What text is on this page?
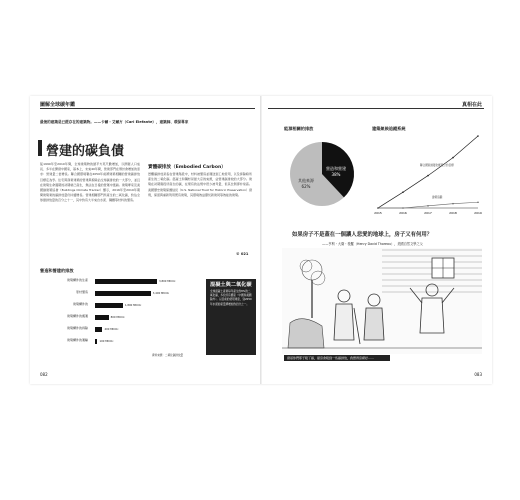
圖解全球碳年鑑
最後的建築是已經存在的建築物。——卡爾・艾爾方（Carl Elefante），建築師、環保專家
營建的碳負債
從1990年至2010年間，全球建築物的總平方英尺數增加，以開發人口成長、多半在開發中國家，基本上，未來40年間，營建部門在預計會增加的需求：營建量二倍增長。聯合國環境署在2050年前將建築相關的營建碳排放目標定為零。住宅與商業建築的營建與拆除佔全球碳排放的一大部分，並且在建築生命週期的初期就已產生，無法在日後的營運中抵銷。建築專家及美國綠建築協會（Buildings Climate Tracker）顯示，2016年至2019年期間建築業的碳排放量仍持續增長。營建相關部門所產生的二氧化碳，約佔全球總排放量的百分之十一，其中約有大半來自水泥、鋼鐵等材料的製造。
實體碳排放（Embodied Carbon）
實體碳排放是指在營建階段中，材料被製造並運送到工地使用，以及拆除時所產生的二氧化碳。混凝土和鋼材是最大宗的來源，佔營建碳排放的大部分。建築在初期階段所產生的碳，在現有的法規中很少被考量，但其比例卻非常高。美國歷史建築保護信託（U.S. National Trust for Historic Preservation）發現，保留與重新利用既有建築，其環境效益優於新建同等效能的建築。
© 021
營造和營建的排放
建築構件的生產	3,800 MtCO₂
原材製造	3,400 MtCO₂
建築構件的	1,800 MtCO₂
建築構件的搬運	800 MtCO₂
建築構件的拆除	400 MtCO₂
建築構件的運輸	100 MtCO₂
資料來源：二氧化碳排放量
混凝土與二氧化碳
全球混凝土產業每年產生約8%的二氧化碳，多於所有國家（中國和美國除外）。以目前的使用速度，到2050年水泥的產量將增加約四分之一。
082
真相在此
能源相關的排放
營造和營建
38%
其他來源
62%
建築氣候追蹤系統
2015	2016	2017	2018	2019
聯合國氣候變化框架公約目標
建築追蹤
如果房子不是蓋在一個讓人悲愛的地球上，房子又有何用？
——亨利・大衛・梭羅（Henry David Thoreau），美國自然文學之父
發哥你們那子吸了碳，提這會吸到一些碳排放，我覺得這樣好……
083
